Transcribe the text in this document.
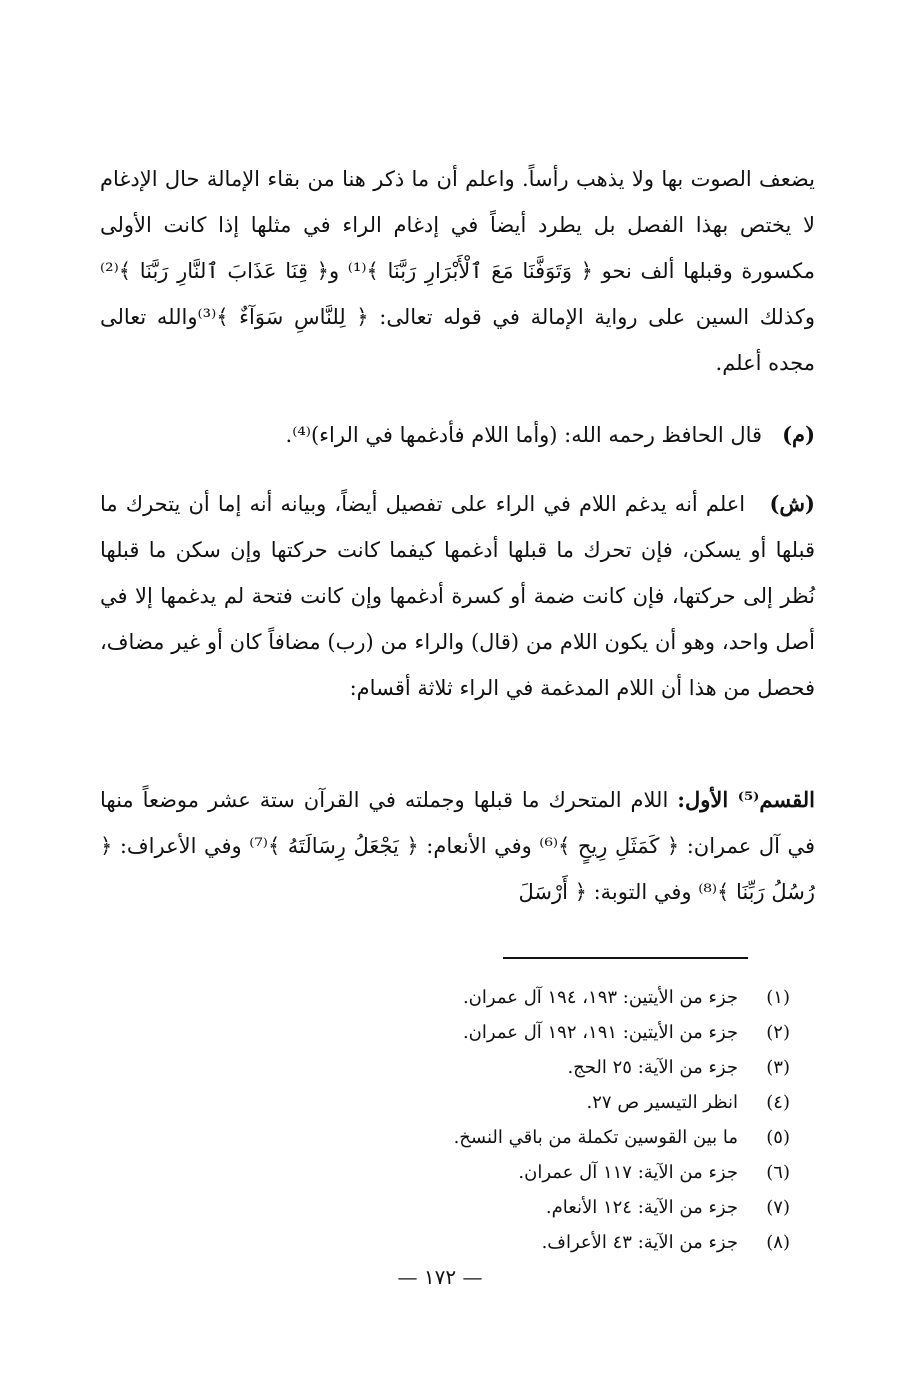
يضعف الصوت بها ولا يذهب رأساً. واعلم أن ما ذكر هنا من بقاء الإمالة حال الإدغام لا يختص بهذا الفصل بل يطرد أيضاً في إدغام الراء في مثلها إذا كانت الأولى مكسورة وقبلها ألف نحو ﴿ وَتَوَفَّنَا مَعَ ٱلْأَبْرَارِ رَبَّنَا ﴾⁽¹⁾ و﴿ قِنَا عَذَابَ ٱلنَّارِ رَبَّنَا ﴾⁽²⁾ وكذلك السين على رواية الإمالة في قوله تعالى: ﴿ لِلنَّاسِ سَوَآءٌ ﴾⁽³⁾والله تعالى مجده أعلم.

(م)   قال الحافظ رحمه الله: (وأما اللام فأدغمها في الراء)⁽⁴⁾.

(ش)   اعلم أنه يدغم اللام في الراء على تفصيل أيضاً، وبيانه أنه إما أن يتحرك ما قبلها أو يسكن، فإن تحرك ما قبلها أدغمها كيفما كانت حركتها وإن سكن ما قبلها نُظر إلى حركتها، فإن كانت ضمة أو كسرة أدغمها وإن كانت فتحة لم يدغمها إلا في أصل واحد، وهو أن يكون اللام من (قال) والراء من (رب) مضافاً كان أو غير مضاف، فحصل من هذا أن اللام المدغمة في الراء ثلاثة أقسام:

القسم⁽⁵⁾ الأول: اللام المتحرك ما قبلها وجملته في القرآن ستة عشر موضعاً منها في آل عمران: ﴿ كَمَثَلِ رِيحٍ ﴾⁽⁶⁾ وفي الأنعام: ﴿ يَجْعَلُ رِسَالَتَهُ ﴾⁽⁷⁾ وفي الأعراف: ﴿ رُسُلُ رَبِّنَا ﴾⁽⁸⁾ وفي التوبة: ﴿ أَرْسَلَ

(١)
جزء من الأيتين: ١٩٣، ١٩٤ آل عمران.
(٢)
جزء من الأيتين: ١٩١، ١٩٢ آل عمران.
(٣)
جزء من الآية: ٢٥ الحج.
(٤)
انظر التيسير ص ٢٧.
(٥)
ما بين القوسين تكملة من باقي النسخ.
(٦)
جزء من الآية: ١١٧ آل عمران.
(٧)
جزء من الآية: ١٢٤ الأنعام.
(٨)
جزء من الآية: ٤٣ الأعراف.
— ١٧٢ —
